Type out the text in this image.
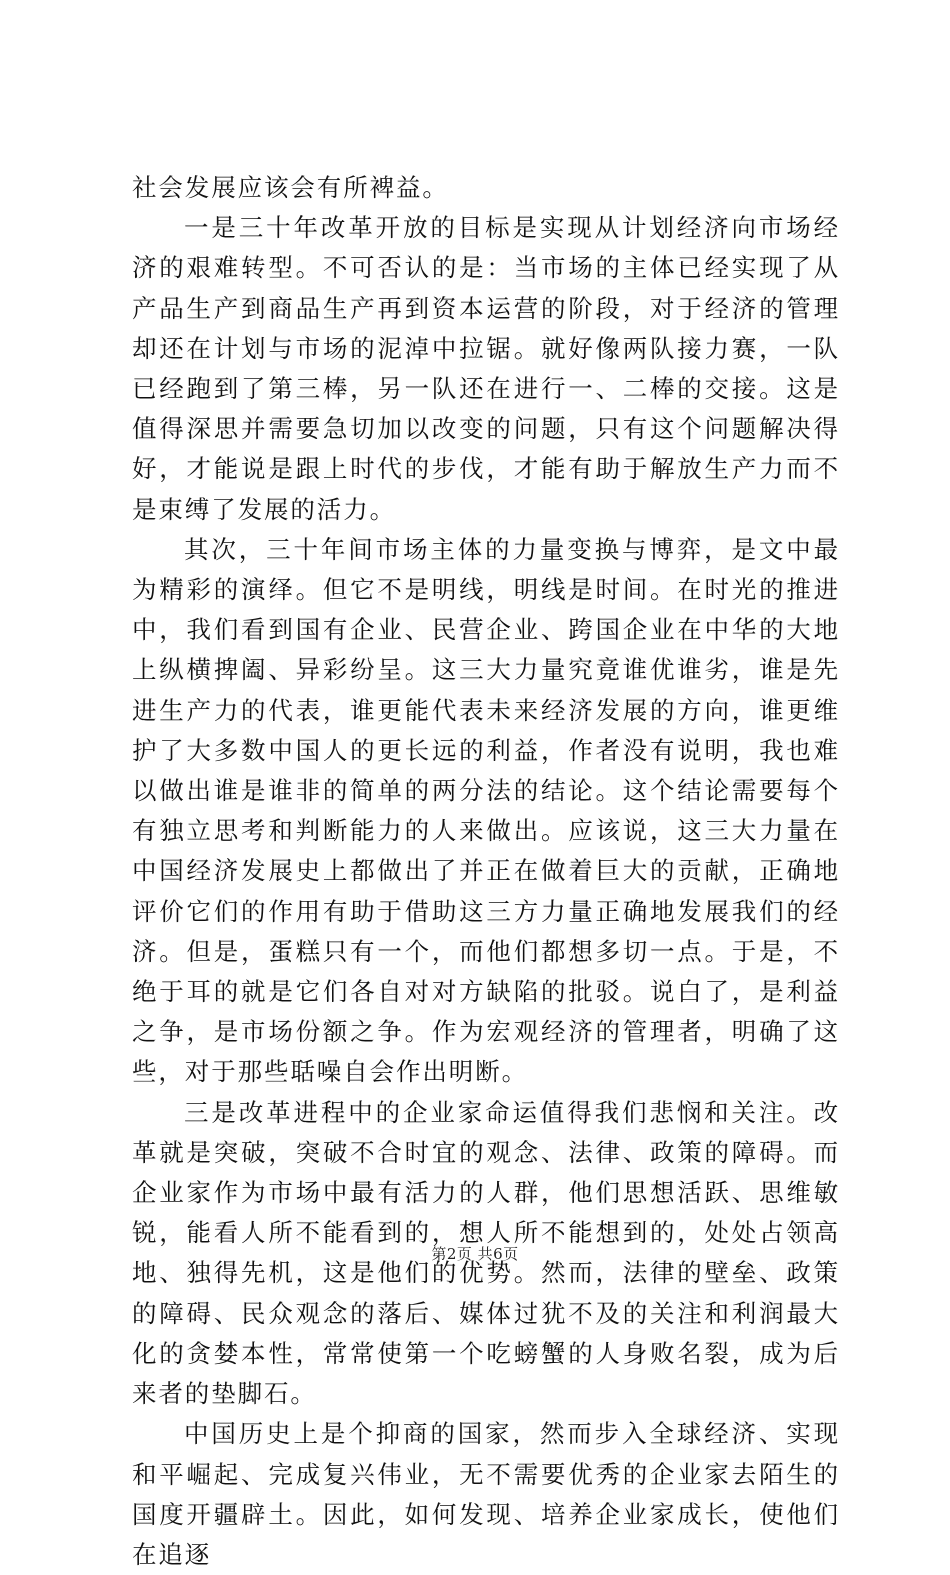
社会发展应该会有所裨益。

一是三十年改革开放的目标是实现从计划经济向市场经济的艰难转型。不可否认的是：当市场的主体已经实现了从产品生产到商品生产再到资本运营的阶段，对于经济的管理却还在计划与市场的泥淖中拉锯。就好像两队接力赛，一队已经跑到了第三棒，另一队还在进行一、二棒的交接。这是值得深思并需要急切加以改变的问题，只有这个问题解决得好，才能说是跟上时代的步伐，才能有助于解放生产力而不是束缚了发展的活力。

其次，三十年间市场主体的力量变换与博弈，是文中最为精彩的演绎。但它不是明线，明线是时间。在时光的推进中，我们看到国有企业、民营企业、跨国企业在中华的大地上纵横捭阖、异彩纷呈。这三大力量究竟谁优谁劣，谁是先进生产力的代表，谁更能代表未来经济发展的方向，谁更维护了大多数中国人的更长远的利益，作者没有说明，我也难以做出谁是谁非的简单的两分法的结论。这个结论需要每个有独立思考和判断能力的人来做出。应该说，这三大力量在中国经济发展史上都做出了并正在做着巨大的贡献，正确地评价它们的作用有助于借助这三方力量正确地发展我们的经济。但是，蛋糕只有一个，而他们都想多切一点。于是，不绝于耳的就是它们各自对对方缺陷的批驳。说白了，是利益之争，是市场份额之争。作为宏观经济的管理者，明确了这些，对于那些聒噪自会作出明断。

三是改革进程中的企业家命运值得我们悲悯和关注。改革就是突破，突破不合时宜的观念、法律、政策的障碍。而企业家作为市场中最有活力的人群，他们思想活跃、思维敏锐，能看人所不能看到的，想人所不能想到的，处处占领高地、独得先机，这是他们的优势。然而，法律的壁垒、政策的障碍、民众观念的落后、媒体过犹不及的关注和利润最大化的贪婪本性，常常使第一个吃螃蟹的人身败名裂，成为后来者的垫脚石。

中国历史上是个抑商的国家，然而步入全球经济、实现和平崛起、完成复兴伟业，无不需要优秀的企业家去陌生的国度开疆辟土。因此，如何发现、培养企业家成长，使他们在追逐

第2页 共6页
